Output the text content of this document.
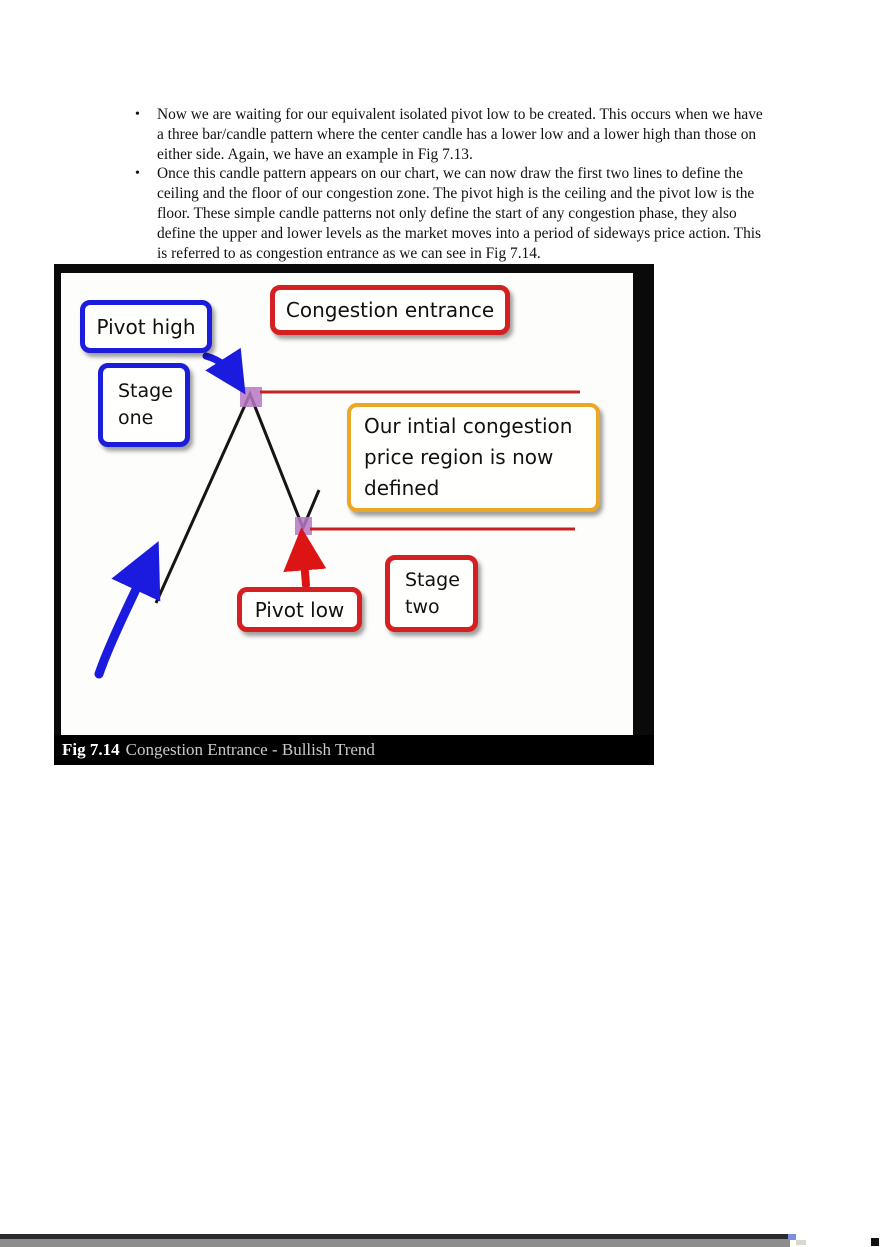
• Now we are waiting for our equivalent isolated pivot low to be created. This occurs when we have a three bar/candle pattern where the center candle has a lower low and a lower high than those on either side. Again, we have an example in Fig 7.13.
• Once this candle pattern appears on our chart, we can now draw the first two lines to define the ceiling and the floor of our congestion zone. The pivot high is the ceiling and the pivot low is the floor. These simple candle patterns not only define the start of any congestion phase, they also define the upper and lower levels as the market moves into a period of sideways price action. This is referred to as congestion entrance as we can see in Fig 7.14.
Pivot high
Stage one
Congestion entrance
Our intial congestion price region is now defined
Pivot low
Stage two
Fig 7.14 Congestion Entrance - Bullish Trend
